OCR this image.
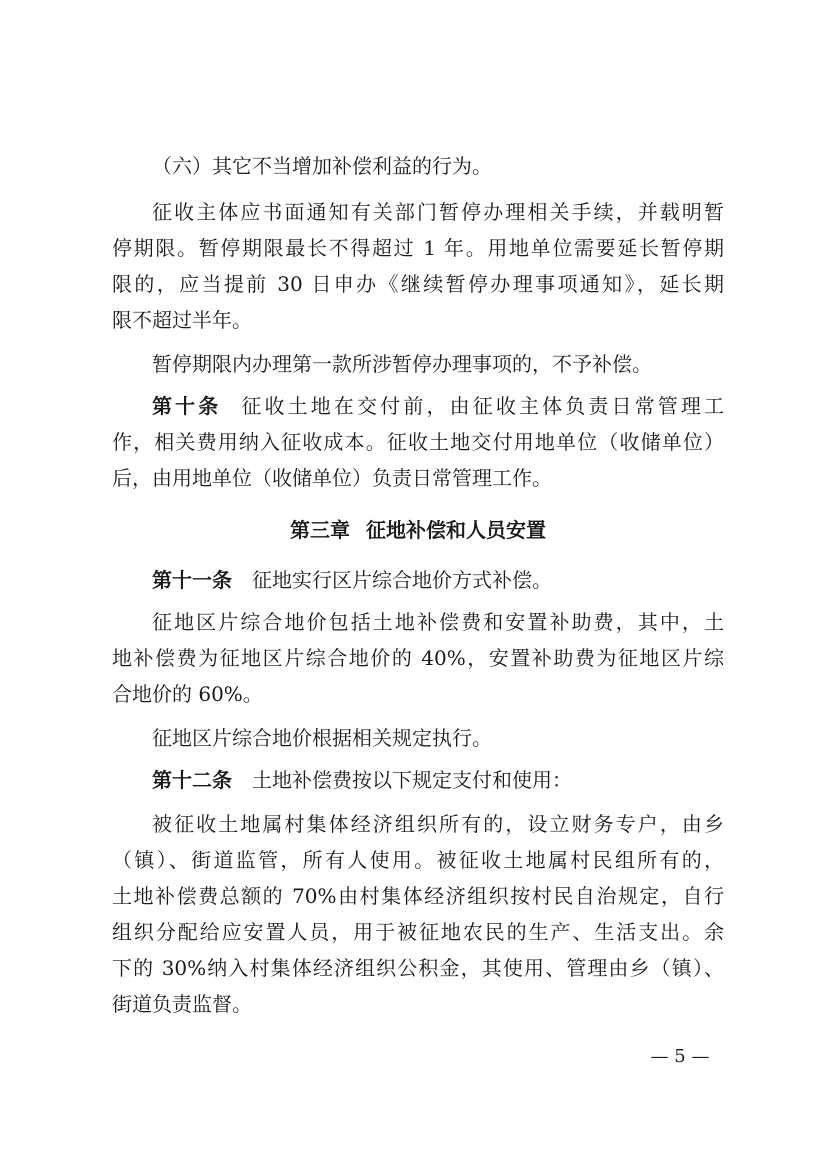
（六）其它不当增加补偿利益的行为。
征收主体应书面通知有关部门暂停办理相关手续，并载明暂
停期限。暂停期限最长不得超过 1 年。用地单位需要延长暂停期
限的，应当提前 30 日申办《继续暂停办理事项通知》，延长期
限不超过半年。
暂停期限内办理第一款所涉暂停办理事项的，不予补偿。
第十条 征收土地在交付前，由征收主体负责日常管理工
作，相关费用纳入征收成本。征收土地交付用地单位（收储单位）
后，由用地单位（收储单位）负责日常管理工作。
第三章 征地补偿和人员安置
第十一条 征地实行区片综合地价方式补偿。
征地区片综合地价包括土地补偿费和安置补助费，其中，土
地补偿费为征地区片综合地价的 40%，安置补助费为征地区片综
合地价的 60%。
征地区片综合地价根据相关规定执行。
第十二条 土地补偿费按以下规定支付和使用：
被征收土地属村集体经济组织所有的，设立财务专户，由乡
（镇）、街道监管，所有人使用。被征收土地属村民组所有的，
土地补偿费总额的 70%由村集体经济组织按村民自治规定，自行
组织分配给应安置人员，用于被征地农民的生产、生活支出。余
下的 30%纳入村集体经济组织公积金，其使用、管理由乡（镇）、
街道负责监督。
— 5 —
